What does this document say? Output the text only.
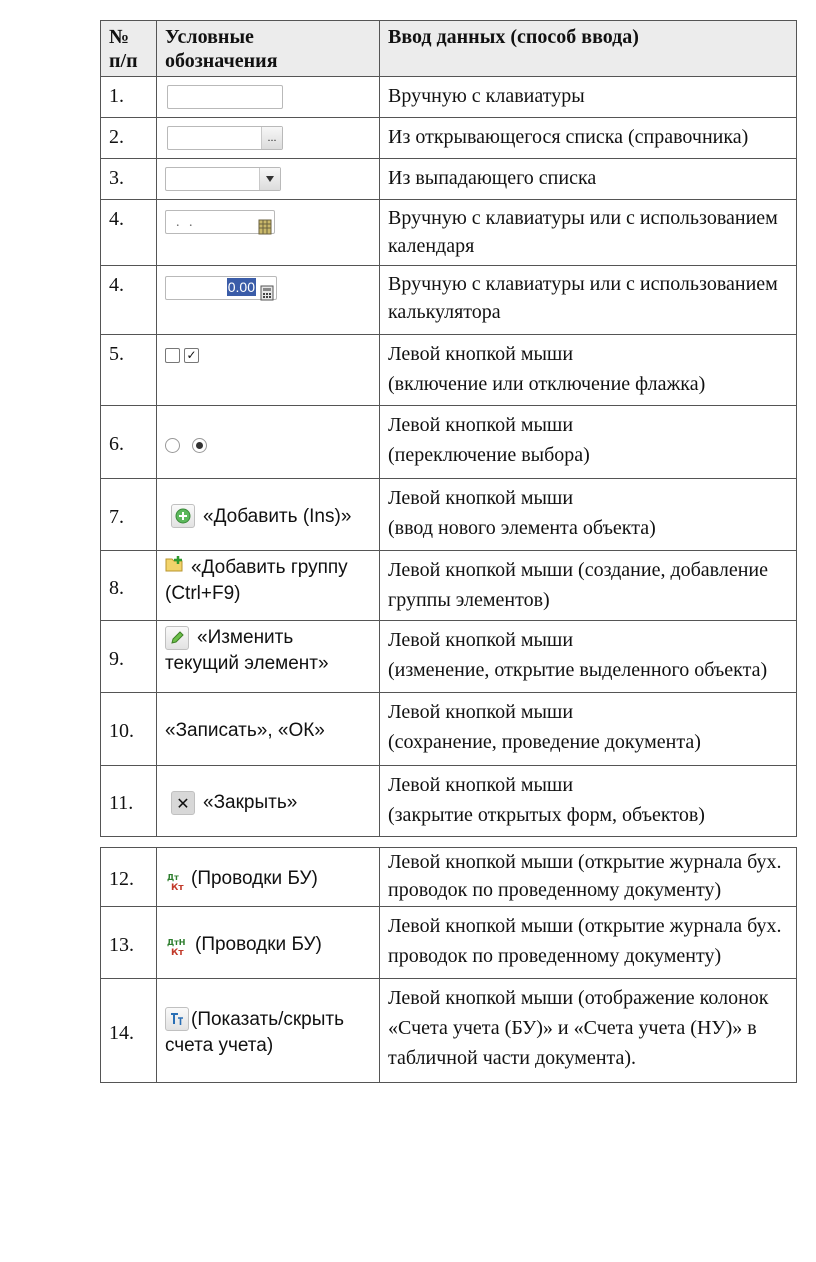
№ п/п	Условные обозначения	Ввод данных (способ ввода)
1.		Вручную с клавиатуры
2.	...	Из открывающегося списка (справочника)
3.		Из выпадающего списка
4.	. .	Вручную с клавиатуры или с использованием календаря
4.	0.00	Вручную с клавиатуры или с использованием калькулятора
5.	✓	Левой кнопкой мыши
(включение или отключение флажка)

6.		Левой кнопкой мыши
(переключение выбора)

7.	«Добавить (Ins)»	Левой кнопкой мыши
(ввод нового элемента объекта)

8.	«Добавить группу (Ctrl+F9)	Левой кнопкой мыши (создание, добавление группы элементов)
9.	«Изменить текущий элемент»	Левой кнопкой мыши
(изменение, открытие выделенного объекта)

10.	«Записать», «ОК»	Левой кнопкой мыши
(сохранение, проведение документа)

11.	✕ «Закрыть»	Левой кнопкой мыши
(закрытие открытых форм, объектов)

12.	Дт
Кт (Проводки БУ)	Левой кнопкой мыши (открытие журнала бух. проводок по проведенному документу)
13.	ДтН
Кт (Проводки БУ)	Левой кнопкой мыши (открытие журнала бух. проводок по проведенному документу)
14.	(Показать/скрыть счета учета)	Левой кнопкой мыши (отображение колонок «Счета учета (БУ)» и «Счета учета (НУ)» в табличной части документа).
